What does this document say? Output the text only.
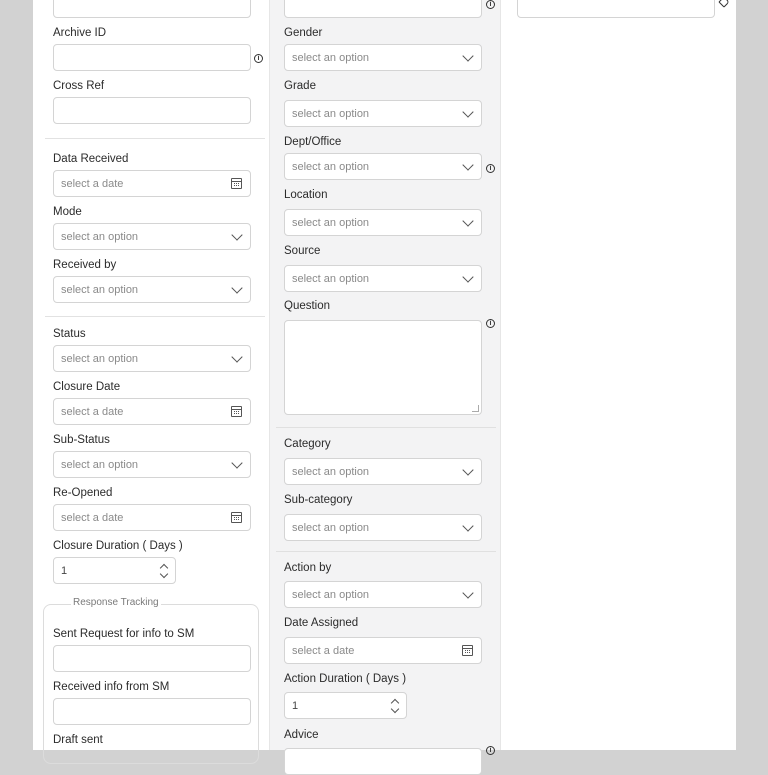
Archive ID
i
Cross Ref
Data Received
select a date
Mode
select an option
Received by
select an option
Status
select an option
Closure Date
select a date
Sub-Status
select an option
Re-Opened
select a date
Closure Duration ( Days )
1
Response Tracking
Sent Request for info to SM
Received info from SM
Draft sent
i
Gender
select an option
Grade
select an option
Dept/Office
select an option	i
Location
select an option
Source
select an option
Question
i
Category
select an option
Sub-category
select an option
Action by
select an option
Date Assigned
select a date
Action Duration ( Days )
1
Advice
i
